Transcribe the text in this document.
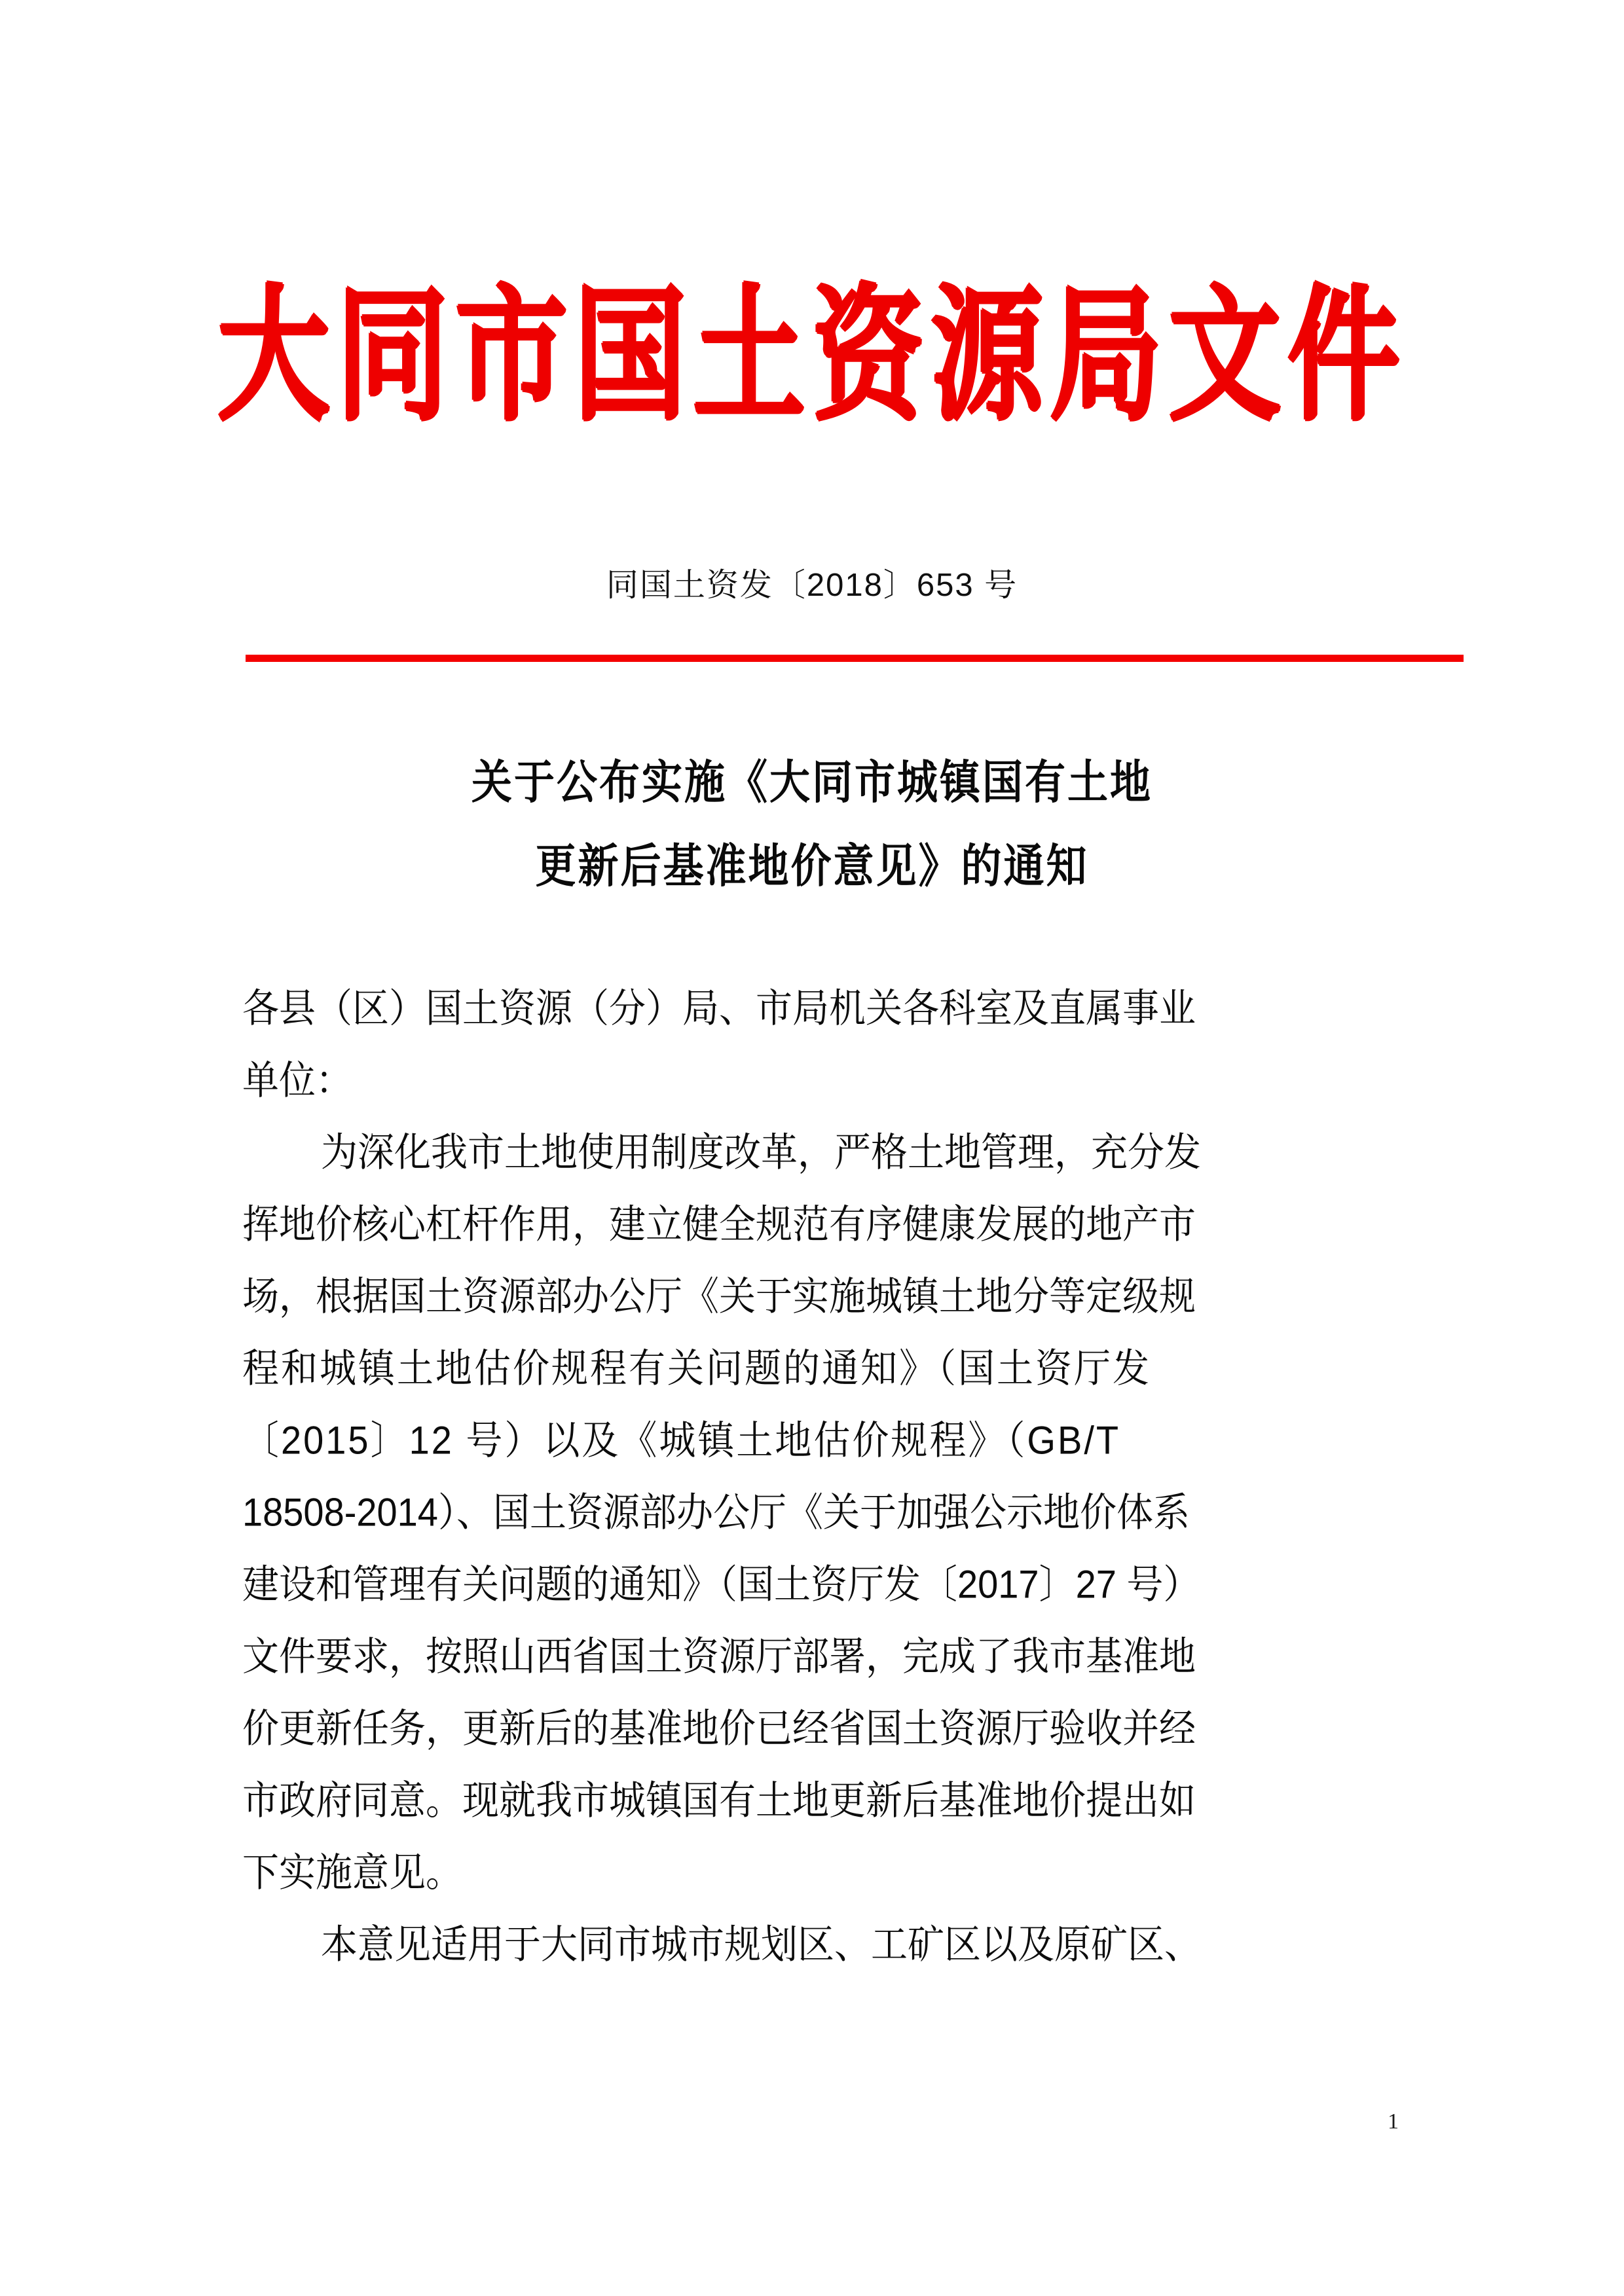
大同市国土资源局文件
同国土资发〔2018〕653 号
关于公布实施《大同市城镇国有土地
更新后基准地价意见》的通知
各县（区）国土资源（分）局、市局机关各科室及直属事业
单位：
为深化我市土地使用制度改革，严格土地管理，充分发
挥地价核心杠杆作用，建立健全规范有序健康发展的地产市
场，根据国土资源部办公厅《关于实施城镇土地分等定级规
程和城镇土地估价规程有关问题的通知》（国土资厅发
〔2015〕12 号）以及《城镇土地估价规程》（GB/T
18508-2014）、国土资源部办公厅《关于加强公示地价体系
建设和管理有关问题的通知》（国土资厅发〔2017〕27 号）
文件要求，按照山西省国土资源厅部署，完成了我市基准地
价更新任务，更新后的基准地价已经省国土资源厅验收并经
市政府同意。现就我市城镇国有土地更新后基准地价提出如
下实施意见。
本意见适用于大同市城市规划区、工矿区以及原矿区、
1
